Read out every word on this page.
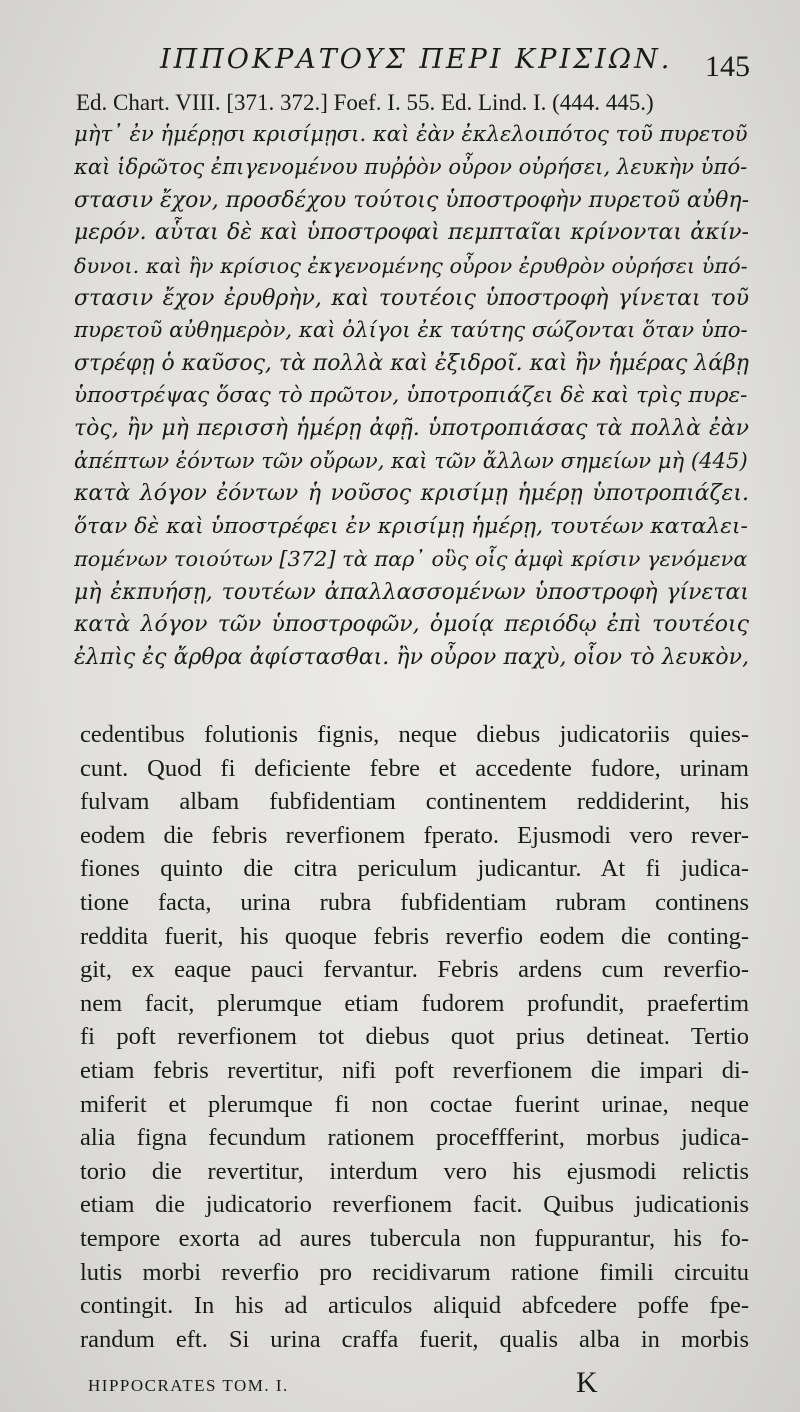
ΙΠΠΟΚΡΑΤΟΥΣ ΠΕΡΙ ΚΡΙΣΙΩΝ. 145
Ed. Chart. VIII. [371. 372.] Foef. I. 55. Ed. Lind. I. (444. 445.)
μὴτ᾽ ἐν ἡμέρῃσι κρισίμῃσι. καὶ ἐὰν ἐκλελοιπότος τοῦ πυρετοῦ
καὶ ἱδρῶτος ἐπιγενομένου πυῤῥὸν οὖρον οὐρήσει, λευκὴν ὑπό-
στασιν ἔχον, προσδέχου τούτοις ὑποστροφὴν πυρετοῦ αὐθη-
μερόν. αὗται δὲ καὶ ὑποστροφαὶ πεμπταῖαι κρίνονται ἀκίν-
δυνοι. καὶ ἢν κρίσιος ἐκγενομένης οὖρον ἐρυθρὸν οὐρήσει ὑπό-
στασιν ἔχον ἐρυθρὴν, καὶ τουτέοις ὑποστροφὴ γίνεται τοῦ
πυρετοῦ αὐθημερὸν, καὶ ὀλίγοι ἐκ ταύτης σώζονται ὅταν ὑπο-
στρέφῃ ὁ καῦσος, τὰ πολλὰ καὶ ἐξιδροῖ. καὶ ἢν ἡμέρας λάβῃ
ὑποστρέψας ὅσας τὸ πρῶτον, ὑποτροπιάζει δὲ καὶ τρὶς πυρε-
τὸς, ἢν μὴ περισσὴ ἡμέρῃ ἀφῇ. ὑποτροπιάσας τὰ πολλὰ ἐὰν
ἀπέπτων ἐόντων τῶν οὔρων, καὶ τῶν ἄλλων σημείων μὴ (445)
κατὰ λόγον ἐόντων ἡ νοῦσος κρισίμῃ ἡμέρῃ ὑποτροπιάζει.
ὅταν δὲ καὶ ὑποστρέφει ἐν κρισίμῃ ἡμέρῃ, τουτέων καταλει-
πομένων τοιούτων [372] τὰ παρ᾽ οὓς οἷς ἀμφὶ κρίσιν γενόμενα
μὴ ἐκπυήσῃ, τουτέων ἀπαλλασσομένων ὑποστροφὴ γίνεται
κατὰ λόγον τῶν ὑποστροφῶν, ὁμοίᾳ περιόδῳ ἐπὶ τουτέοις
ἐλπὶς ἐς ἄρθρα ἀφίστασθαι. ἢν οὖρον παχὺ, οἷον τὸ λευκὸν,
cedentibus folutionis fignis, neque diebus judicatoriis quies-
cunt. Quod fi deficiente febre et accedente fudore, urinam
fulvam albam fubfidentiam continentem reddiderint, his
eodem die febris reverfionem fperato. Ejusmodi vero rever-
fiones quinto die citra periculum judicantur. At fi judica-
tione facta, urina rubra fubfidentiam rubram continens
reddita fuerit, his quoque febris reverfio eodem die conting-
git, ex eaque pauci fervantur. Febris ardens cum reverfio-
nem facit, plerumque etiam fudorem profundit, praefertim
fi poft reverfionem tot diebus quot prius detineat. Tertio
etiam febris revertitur, nifi poft reverfionem die impari di-
miferit et plerumque fi non coctae fuerint urinae, neque
alia figna fecundum rationem proceffferint, morbus judica-
torio die revertitur, interdum vero his ejusmodi relictis
etiam die judicatorio reverfionem facit. Quibus judicationis
tempore exorta ad aures tubercula non fuppurantur, his fo-
lutis morbi reverfio pro recidivarum ratione fimili circuitu
contingit. In his ad articulos aliquid abfcedere poffe fpe-
randum eft. Si urina craffa fuerit, qualis alba in morbis
HIPPOCRATES TOM. I.	K
